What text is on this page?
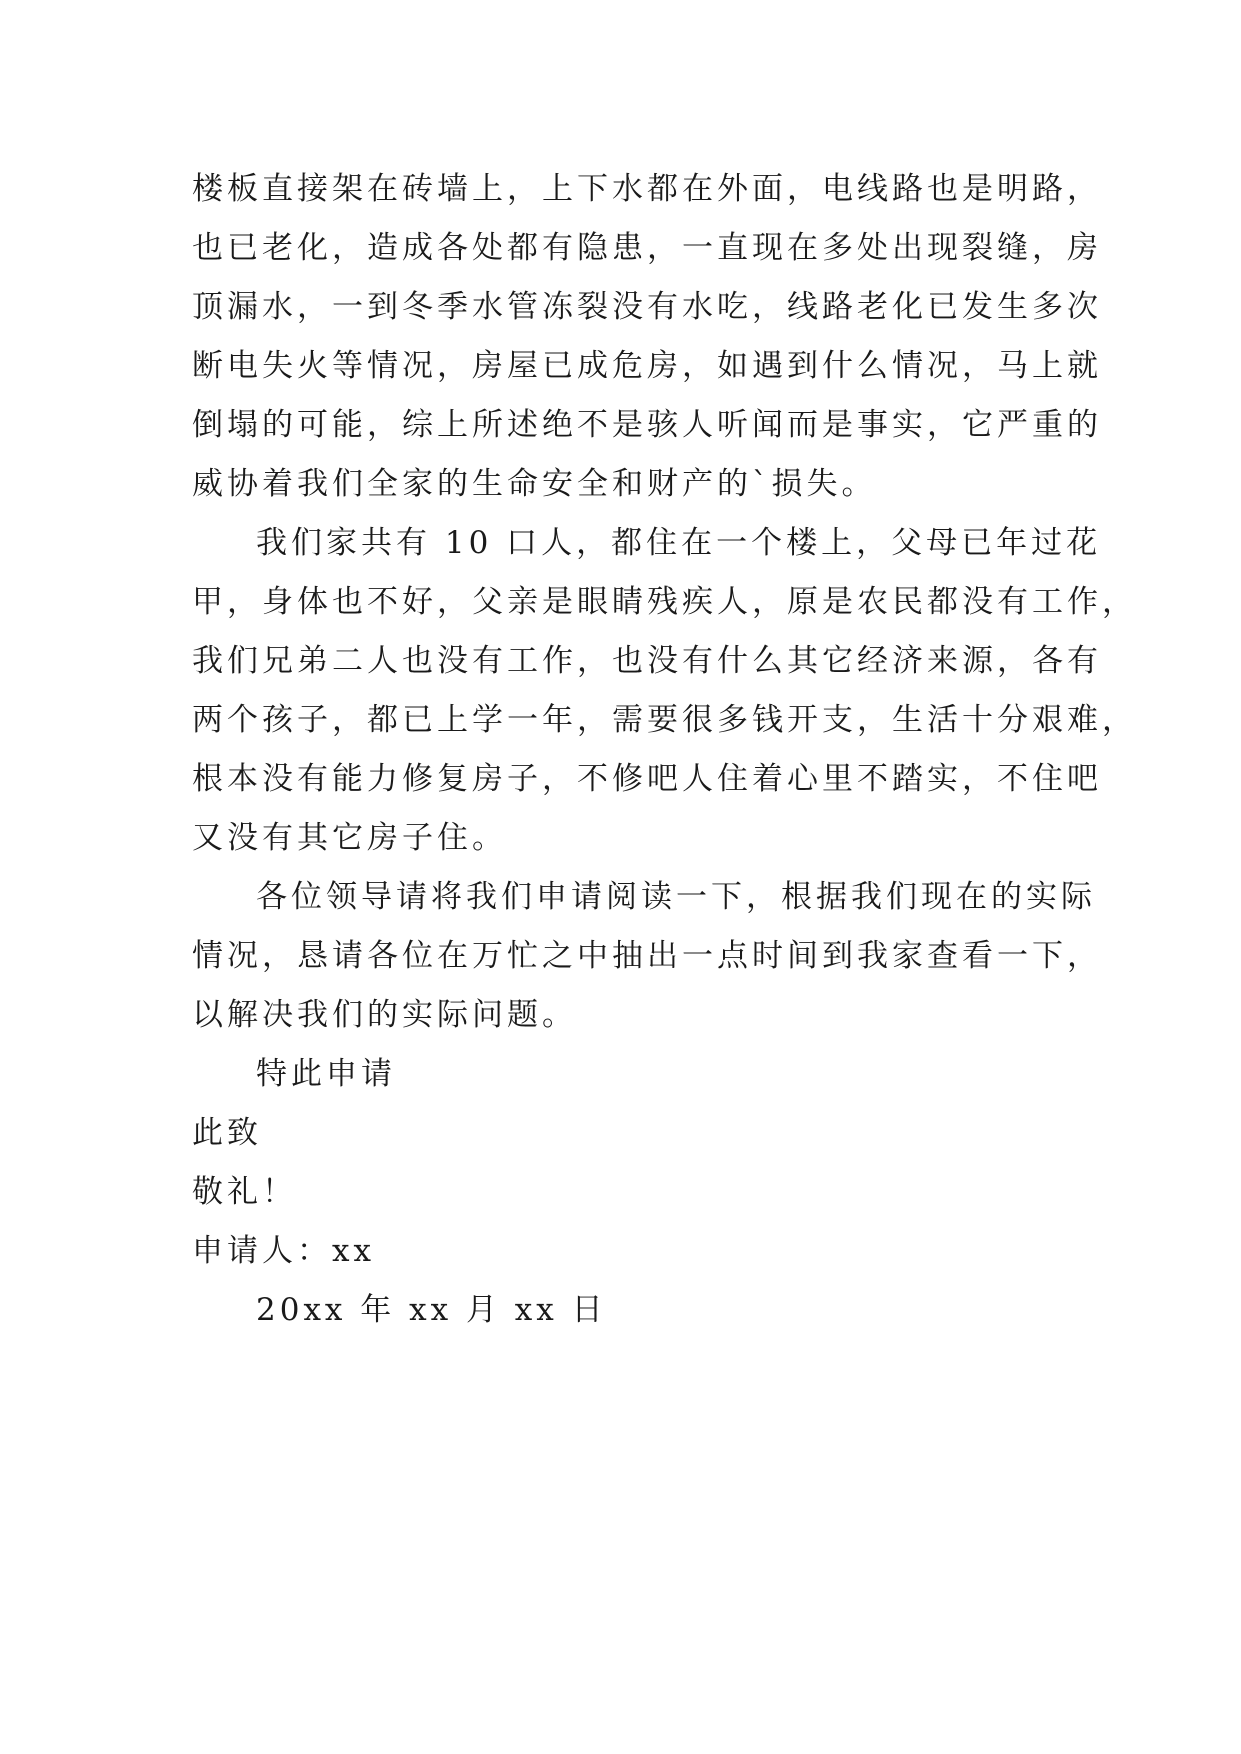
楼板直接架在砖墙上，上下水都在外面，电线路也是明路，
也已老化，造成各处都有隐患，一直现在多处出现裂缝，房
顶漏水，一到冬季水管冻裂没有水吃，线路老化已发生多次
断电失火等情况，房屋已成危房，如遇到什么情况，马上就
倒塌的可能，综上所述绝不是骇人听闻而是事实，它严重的
威协着我们全家的生命安全和财产的`损失。
我们家共有 10 口人，都住在一个楼上，父母已年过花
甲，身体也不好，父亲是眼睛残疾人，原是农民都没有工作，
我们兄弟二人也没有工作，也没有什么其它经济来源，各有
两个孩子，都已上学一年，需要很多钱开支，生活十分艰难，
根本没有能力修复房子，不修吧人住着心里不踏实，不住吧
又没有其它房子住。
各位领导请将我们申请阅读一下，根据我们现在的实际
情况，恳请各位在万忙之中抽出一点时间到我家查看一下，
以解决我们的实际问题。
特此申请
此致
敬礼！
申请人：xx
20xx 年 xx 月 xx 日
